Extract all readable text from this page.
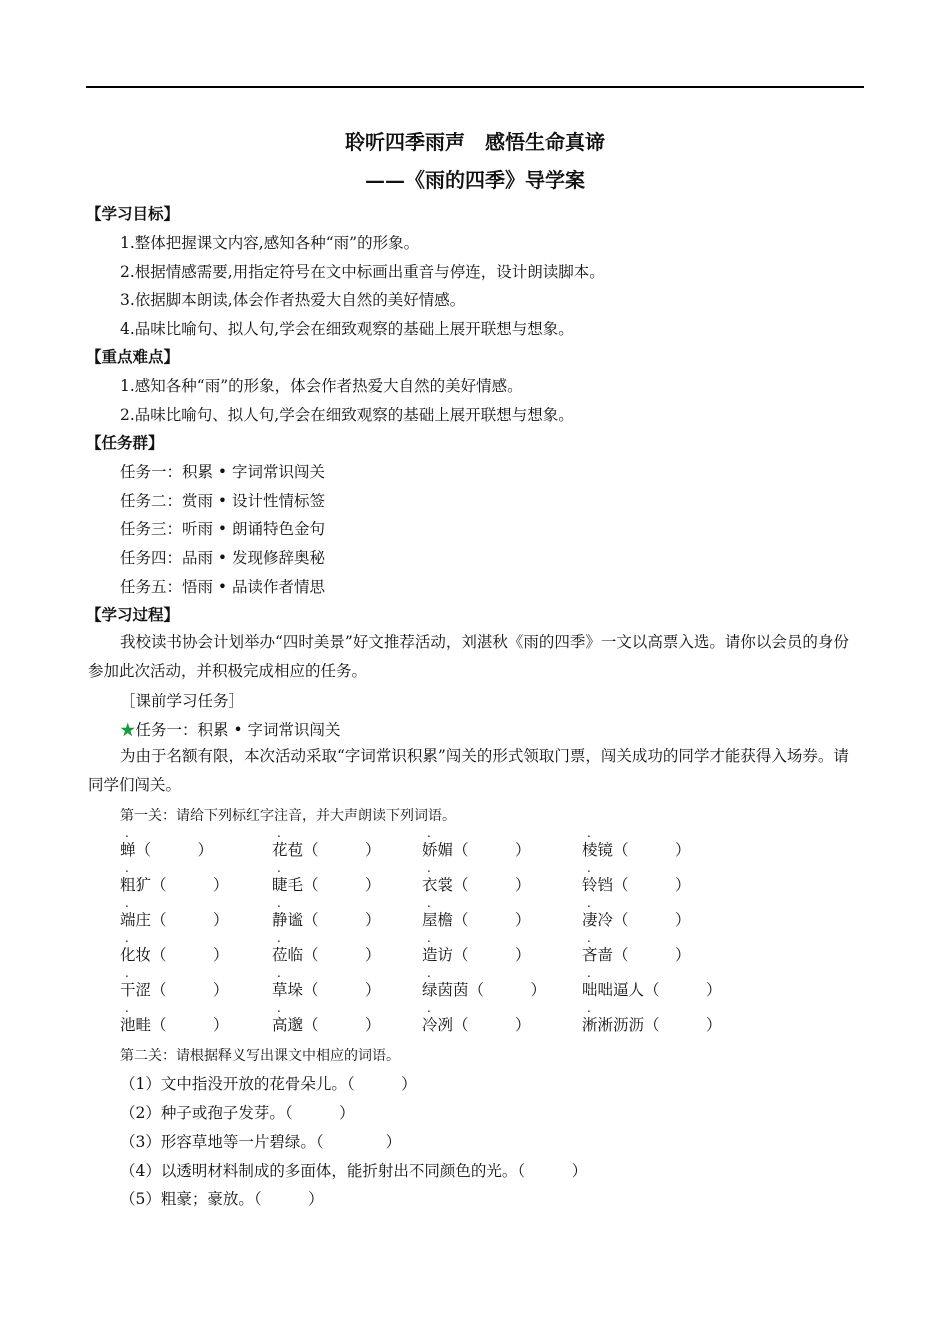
聆听四季雨声　感悟生命真谛
——《雨的四季》导学案
【学习目标】
1.整体把握课文内容,感知各种“雨”的形象。
2.根据情感需要,用指定符号在文中标画出重音与停连，设计朗读脚本。
3.依据脚本朗读,体会作者热爱大自然的美好情感。
4.品味比喻句、拟人句,学会在细致观察的基础上展开联想与想象。
【重点难点】
1.感知各种“雨”的形象，体会作者热爱大自然的美好情感。
2.品味比喻句、拟人句,学会在细致观察的基础上展开联想与想象。
【任务群】
任务一：积累 • 字词常识闯关
任务二：赏雨 • 设计性情标签
任务三：听雨 • 朗诵特色金句
任务四：品雨 • 发现修辞奥秘
任务五：悟雨 • 品读作者情思
【学习过程】
我校读书协会计划举办“四时美景”好文推荐活动，刘湛秋《雨的四季》一文以高票入选。请你以会员的身份参加此次活动，并积极完成相应的任务。
［课前学习任务］
★任务一：积累 • 字词常识闯关
为由于名额有限，本次活动采取“字词常识积累”闯关的形式领取门票，闯关成功的同学才能获得入场券。请同学们闯关。
第一关：请给下列标红字注音，并大声朗读下列词语。
.
蝉（　　　）
.
花苞（　　　）
.
娇媚（　　　）
.
棱镜（　　　）
.
粗犷（　　　）
.
睫毛（　　　）
.
衣裳（　　　）
.
铃铛（　　　）
.
端庄（　　　）
.
静谧（　　　）
.
屋檐（　　　）
.
凄冷（　　　）
.
化妆（　　　）
.
莅临（　　　）
.
造访（　　　）
.
吝啬（　　　）
.
干涩（　　　）
.
草垛（　　　）
.
绿茵茵（　　　）
.
咄咄逼人（　　　）
.
池畦（　　　）
.
高邈（　　　）
.
冷冽（　　　）
.
淅淅沥沥（　　　）
第二关：请根据释义写出课文中相应的词语。
（1）文中指没开放的花骨朵儿。（　　　）
（2）种子或孢子发芽。（　　　）
（3）形容草地等一片碧绿。（　　　　）
（4）以透明材料制成的多面体，能折射出不同颜色的光。（　　　）
（5）粗豪；豪放。（　　　）
